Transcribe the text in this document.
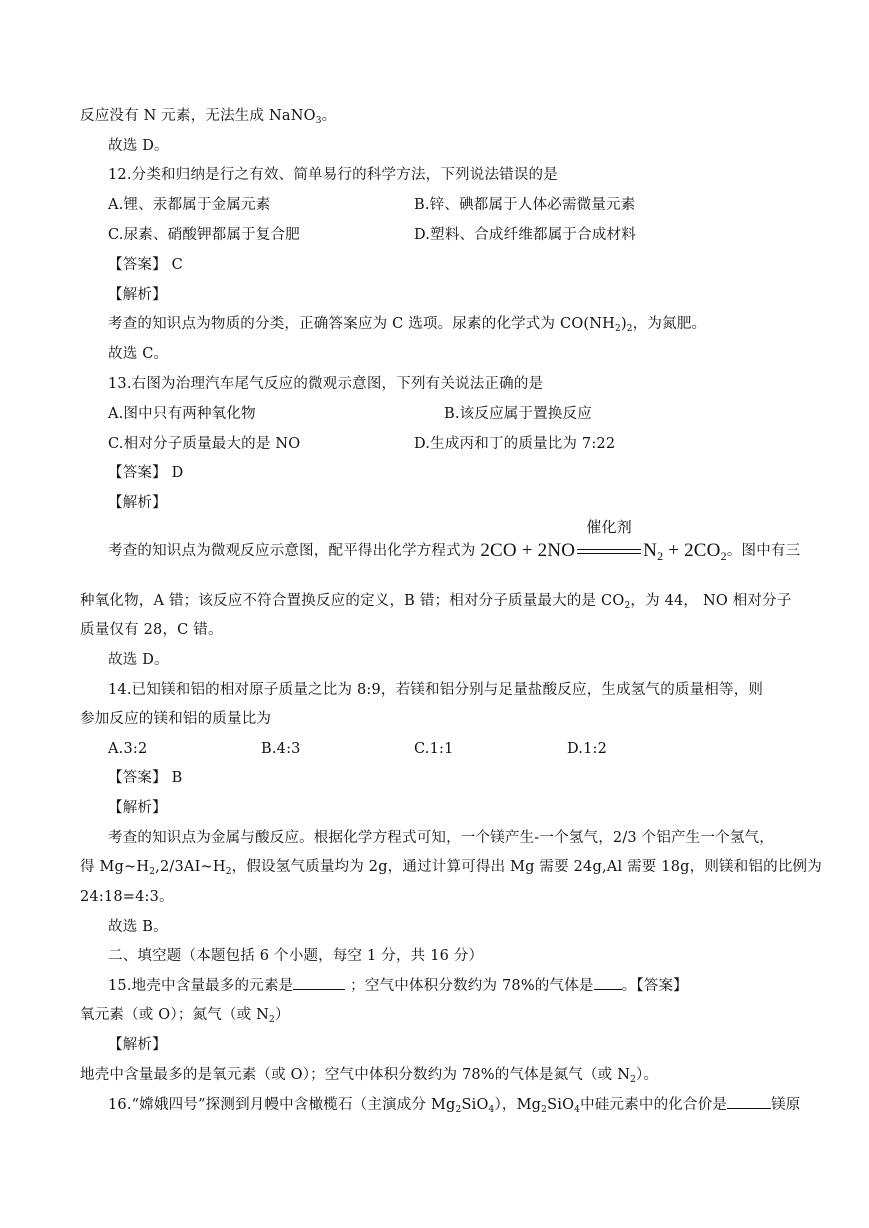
反应没有 N 元素，无法生成 NaNO$_3$。
故选 D。
12.分类和归纳是行之有效、简单易行的科学方法，下列说法错误的是
A.锂、汞都属于金属元素	B.锌、碘都属于人体必需微量元素
C.尿素、硝酸钾都属于复合肥	D.塑料、合成纤维都属于合成材料
【答案】 C
【解析】
考查的知识点为物质的分类，正确答案应为 C 选项。尿素的化学式为 $CO(NH_2)_2$，为氮肥。
故选 C。
13.右图为治理汽车尾气反应的微观示意图，下列有关说法正确的是
A.图中只有两种氧化物	B.该反应属于置换反应
C.相对分子质量最大的是 NO	D.生成丙和丁的质量比为 7:22
【答案】 D
【解析】
考查的知识点为微观反应示意图，配平得出化学方程式为 2CO + 2NO
催化剂
$N_2 + 2CO_2$。图中有三
种氧化物，A 错；该反应不符合置换反应的定义，B 错；相对分子质量最大的是 $CO_2$，为 44， NO 相对分子
质量仅有 28，C 错。
故选 D。
14.已知镁和铝的相对原子质量之比为 8:9，若镁和铝分别与足量盐酸反应，生成氢气的质量相等，则
参加反应的镁和铝的质量比为
A.3:2	B.4:3	C.1:1	D.1:2
【答案】 B
【解析】
考查的知识点为金属与酸反应。根据化学方程式可知，一个镁产生-一个氢气，2/3 个铝产生一个氢气，
得 $Mg\sim H_2,2/3AI\sim H_2$，假设氢气质量均为 2g，通过计算可得出 Mg 需要 24g,Al 需要 18g，则镁和铝的比例为
24:18=4:3。
故选 B。
二、填空题（本题包括 6 个小题，每空 1 分，共 16 分）
15.地壳中含量最多的元素是	；空气中体积分数约为 78%的气体是 。【答案】
氧元素（或 O）；氮气（或 $N_2$）
【解析】
地壳中含量最多的是氧元素（或 O）；空气中体积分数约为 78%的气体是氮气（或 $N_2$）。
16.“嫦娥四号”探测到月幔中含橄榄石（主演成分 $Mg_2SiO_4$），$Mg_2SiO_4$中硅元素中的化合价是	镁原
